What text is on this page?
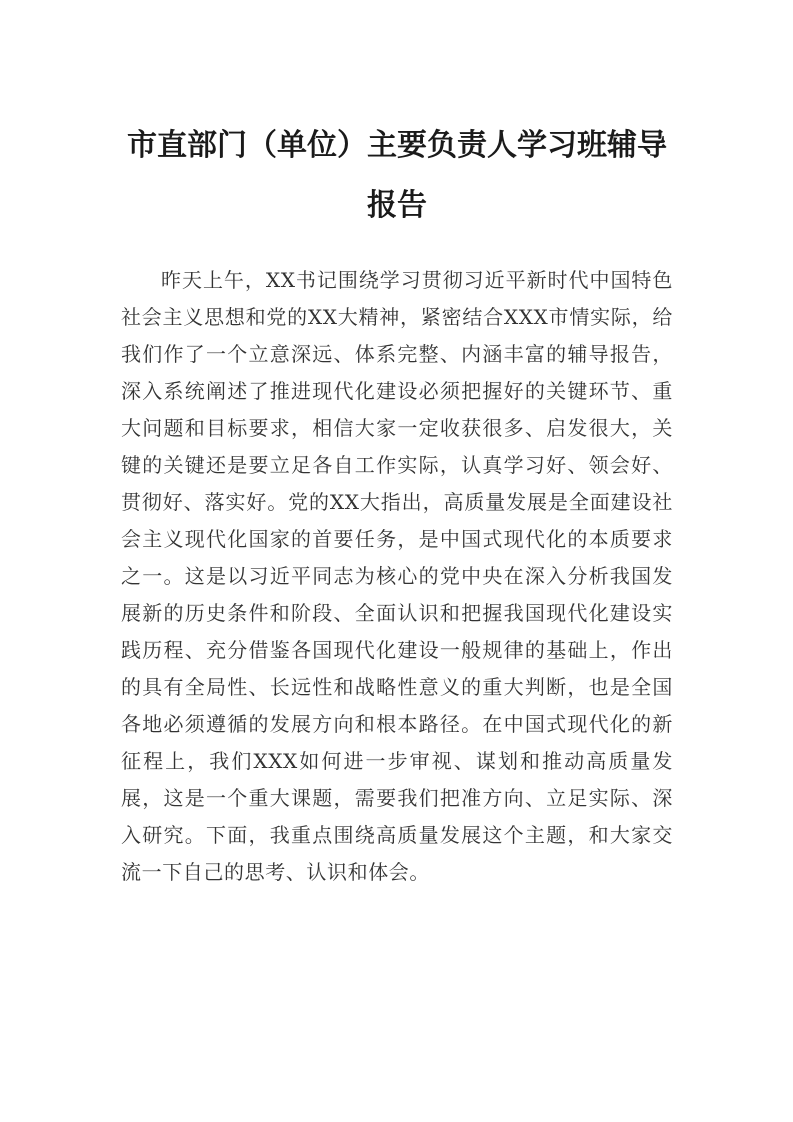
市直部门（单位）主要负责人学习班辅导报告

昨天上午，XX书记围绕学习贯彻习近平新时代中国特色社会主义思想和党的XX大精神，紧密结合XXX市情实际，给我们作了一个立意深远、体系完整、内涵丰富的辅导报告，深入系统阐述了推进现代化建设必须把握好的关键环节、重大问题和目标要求，相信大家一定收获很多、启发很大，关键的关键还是要立足各自工作实际，认真学习好、领会好、贯彻好、落实好。党的XX大指出，高质量发展是全面建设社会主义现代化国家的首要任务，是中国式现代化的本质要求之一。这是以习近平同志为核心的党中央在深入分析我国发展新的历史条件和阶段、全面认识和把握我国现代化建设实践历程、充分借鉴各国现代化建设一般规律的基础上，作出的具有全局性、长远性和战略性意义的重大判断，也是全国各地必须遵循的发展方向和根本路径。在中国式现代化的新征程上，我们XXX如何进一步审视、谋划和推动高质量发展，这是一个重大课题，需要我们把准方向、立足实际、深入研究。下面，我重点围绕高质量发展这个主题，和大家交流一下自己的思考、认识和体会。
